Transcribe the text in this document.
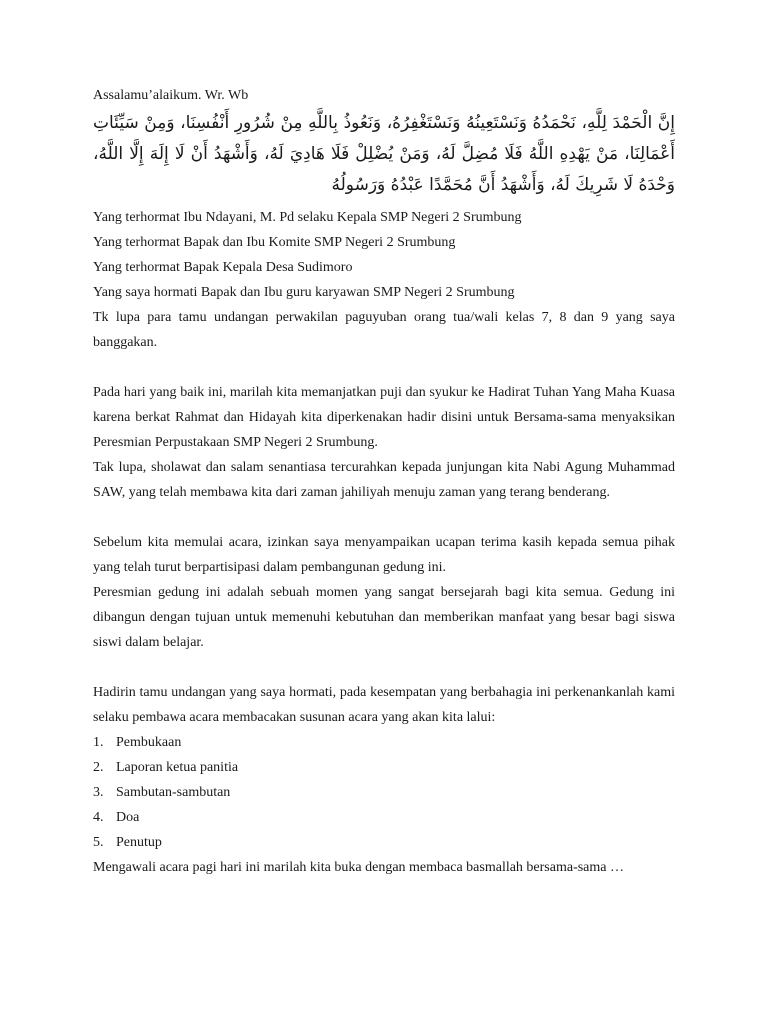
Assalamu’alaikum. Wr. Wb

إِنَّ الْحَمْدَ لِلَّهِ، نَحْمَدُهُ وَنَسْتَعِينُهُ وَنَسْتَغْفِرُهُ، وَنَعُوذُ بِاللَّهِ مِنْ شُرُورِ أَنْفُسِنَا، وَمِنْ سَيِّئَاتِ أَعْمَالِنَا، مَنْ يَهْدِهِ اللَّهُ فَلَا مُضِلَّ لَهُ، وَمَنْ يُضْلِلْ فَلَا هَادِيَ لَهُ، وَأَشْهَدُ أَنْ لَا إِلَهَ إِلَّا اللَّهُ، وَحْدَهُ لَا شَرِيكَ لَهُ، وَأَشْهَدُ أَنَّ مُحَمَّدًا عَبْدُهُ وَرَسُولُهُ

Yang terhormat Ibu Ndayani, M. Pd selaku Kepala SMP Negeri 2 Srumbung

Yang terhormat Bapak dan Ibu Komite SMP Negeri 2 Srumbung

Yang terhormat Bapak Kepala Desa Sudimoro

Yang saya hormati Bapak dan Ibu guru karyawan SMP Negeri 2 Srumbung

Tk lupa para tamu undangan perwakilan paguyuban orang tua/wali kelas 7, 8 dan 9 yang saya banggakan.

Pada hari yang baik ini, marilah kita memanjatkan puji dan syukur ke Hadirat Tuhan Yang Maha Kuasa karena berkat Rahmat dan Hidayah kita diperkenakan hadir disini untuk Bersama-sama menyaksikan Peresmian Perpustakaan SMP Negeri 2 Srumbung.

Tak lupa, sholawat dan salam senantiasa tercurahkan kepada junjungan kita Nabi Agung Muhammad SAW, yang telah membawa kita dari zaman jahiliyah menuju zaman yang terang benderang.

Sebelum kita memulai acara, izinkan saya menyampaikan ucapan terima kasih kepada semua pihak yang telah turut berpartisipasi dalam pembangunan gedung ini.

Peresmian gedung ini adalah sebuah momen yang sangat bersejarah bagi kita semua. Gedung ini dibangun dengan tujuan untuk memenuhi kebutuhan dan memberikan manfaat yang besar bagi siswa siswi dalam belajar.

Hadirin tamu undangan yang saya hormati, pada kesempatan yang berbahagia ini perkenankanlah kami selaku pembawa acara membacakan susunan acara yang akan kita lalui:

1. Pembukaan
2. Laporan ketua panitia
3. Sambutan-sambutan
4. Doa
5. Penutup

Mengawali acara pagi hari ini marilah kita buka dengan membaca basmallah bersama-sama …
